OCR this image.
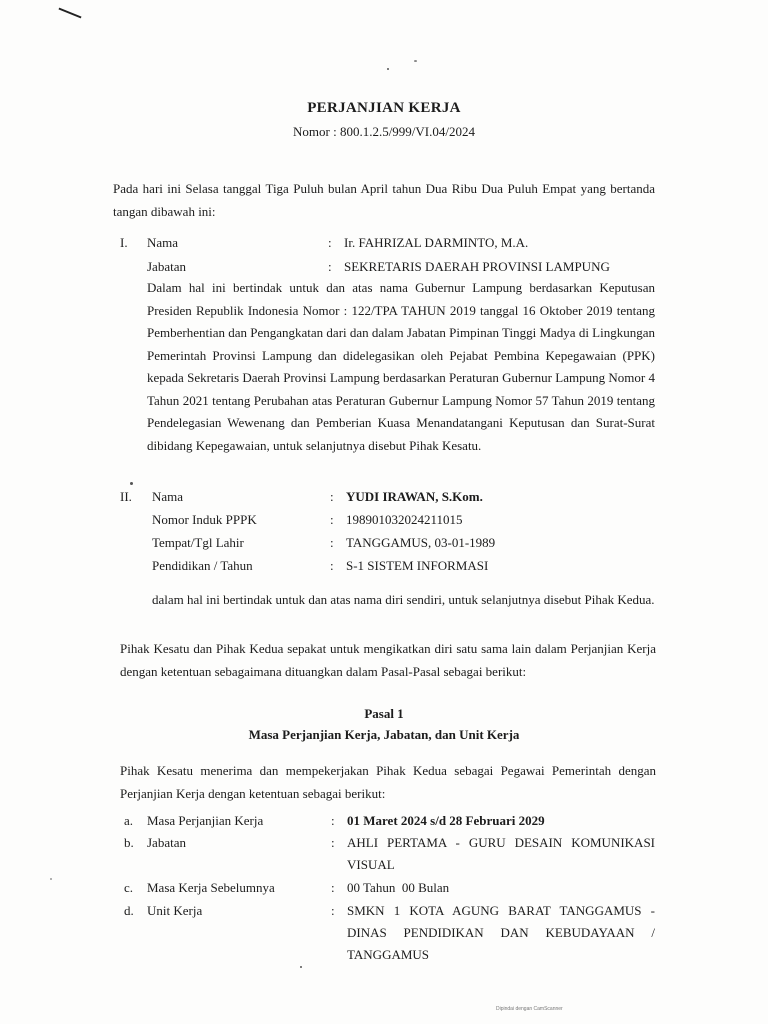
PERJANJIAN KERJA
Nomor : 800.1.2.5/999/VI.04/2024

Pada hari ini Selasa tanggal Tiga Puluh bulan April tahun Dua Ribu Dua Puluh Empat yang bertanda tangan dibawah ini:

I. Nama	: Ir. FAHRIZAL DARMINTO, M.A.
Jabatan	: SEKRETARIS DAERAH PROVINSI LAMPUNG

Dalam hal ini bertindak untuk dan atas nama Gubernur Lampung berdasarkan Keputusan Presiden Republik Indonesia Nomor : 122/TPA TAHUN 2019 tanggal 16 Oktober 2019 tentang Pemberhentian dan Pengangkatan dari dan dalam Jabatan Pimpinan Tinggi Madya di Lingkungan Pemerintah Provinsi Lampung dan didelegasikan oleh Pejabat Pembina Kepegawaian (PPK) kepada Sekretaris Daerah Provinsi Lampung berdasarkan Peraturan Gubernur Lampung Nomor 4 Tahun 2021 tentang Perubahan atas Peraturan Gubernur Lampung Nomor 57 Tahun 2019 tentang Pendelegasian Wewenang dan Pemberian Kuasa Menandatangani Keputusan dan Surat-Surat dibidang Kepegawaian, untuk selanjutnya disebut Pihak Kesatu.

II. Nama	: YUDI IRAWAN, S.Kom.
Nomor Induk PPPK	: 198901032024211015
Tempat/Tgl Lahir	: TANGGAMUS, 03-01-1989
Pendidikan / Tahun	: S-1 SISTEM INFORMASI

dalam hal ini bertindak untuk dan atas nama diri sendiri, untuk selanjutnya disebut Pihak Kedua.

Pihak Kesatu dan Pihak Kedua sepakat untuk mengikatkan diri satu sama lain dalam Perjanjian Kerja dengan ketentuan sebagaimana dituangkan dalam Pasal-Pasal sebagai berikut:

Pasal 1
Masa Perjanjian Kerja, Jabatan, dan Unit Kerja

Pihak Kesatu menerima dan mempekerjakan Pihak Kedua sebagai Pegawai Pemerintah dengan Perjanjian Kerja dengan ketentuan sebagai berikut:

a. Masa Perjanjian Kerja	: 01 Maret 2024 s/d 28 Februari 2029
b. Jabatan	: AHLI PERTAMA - GURU DESAIN KOMUNIKASI VISUAL
c. Masa Kerja Sebelumnya	: 00 Tahun  00 Bulan
d. Unit Kerja	: SMKN 1 KOTA AGUNG BARAT TANGGAMUS - DINAS PENDIDIKAN DAN KEBUDAYAAN / TANGGAMUS
Dipindai dengan CamScanner
